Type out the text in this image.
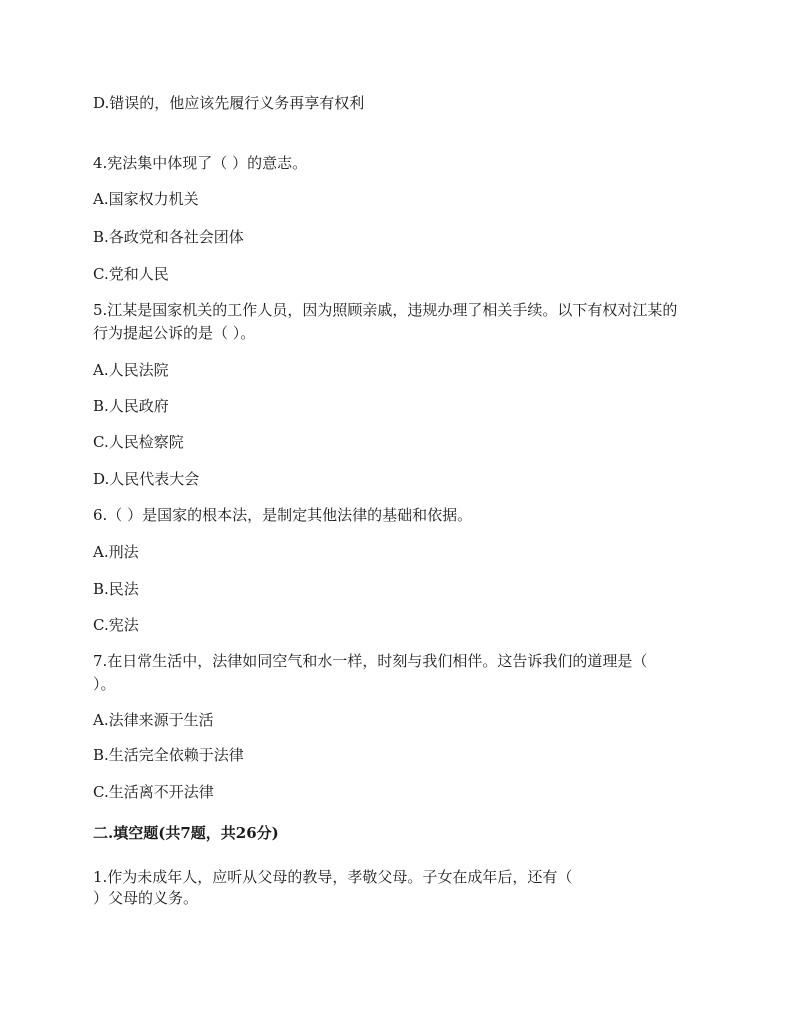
D.错误的，他应该先履行义务再享有权利
4.宪法集中体现了（ ）的意志。
A.国家权力机关
B.各政党和各社会团体
C.党和人民
5.江某是国家机关的工作人员，因为照顾亲戚，违规办理了相关手续。以下有权对江某的
行为提起公诉的是（ ）。
A.人民法院
B.人民政府
C.人民检察院
D.人民代表大会
6.（ ）是国家的根本法，是制定其他法律的基础和依据。
A.刑法
B.民法
C.宪法
7.在日常生活中，法律如同空气和水一样，时刻与我们相伴。这告诉我们的道理是（
）。
A.法律来源于生活
B.生活完全依赖于法律
C.生活离不开法律
二.填空题(共7题，共26分)
1.作为未成年人，应听从父母的教导，孝敬父母。子女在成年后，还有（
）父母的义务。
